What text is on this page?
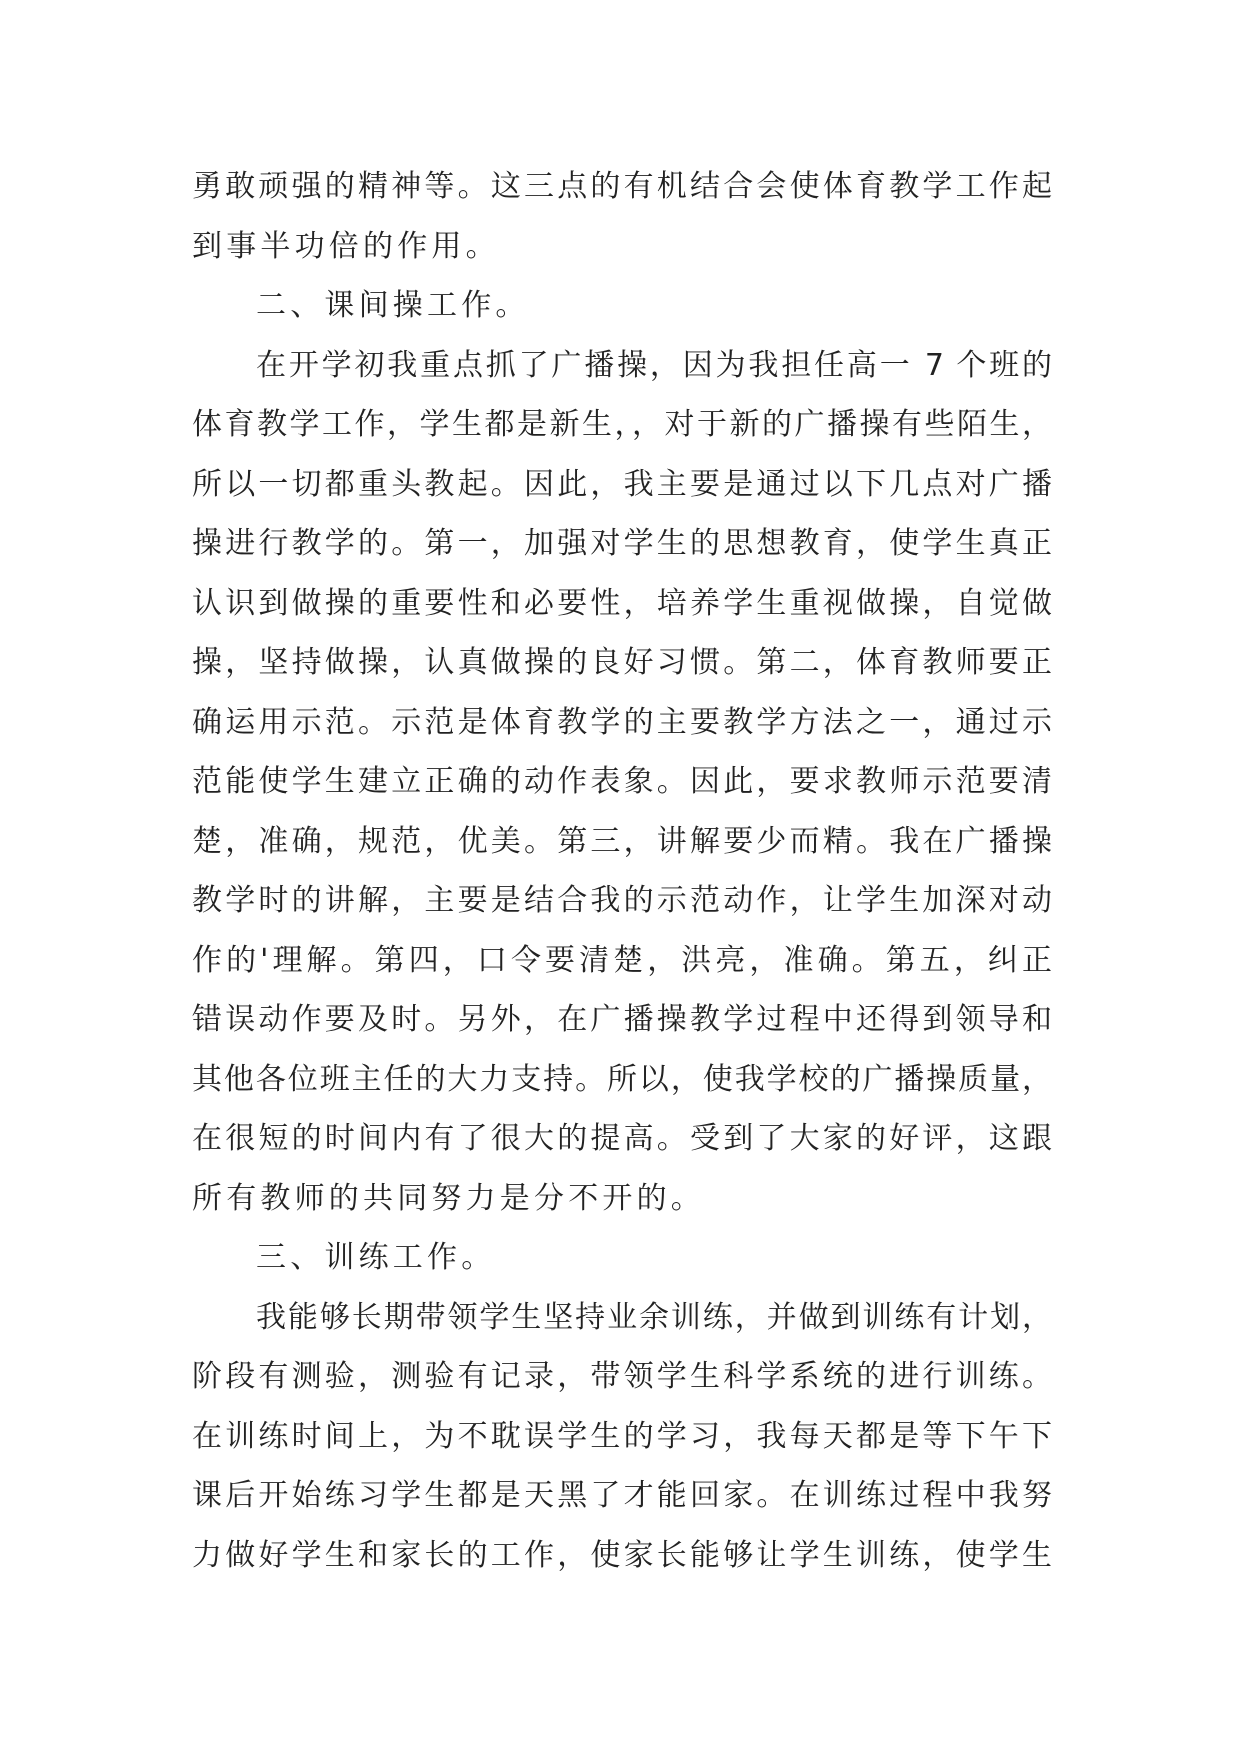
勇敢顽强的精神等。这三点的有机结合会使体育教学工作起
到事半功倍的作用。
二、课间操工作。
在开学初我重点抓了广播操，因为我担任高一 7 个班的
体育教学工作，学生都是新生，，对于新的广播操有些陌生，
所以一切都重头教起。因此，我主要是通过以下几点对广播
操进行教学的。第一，加强对学生的思想教育，使学生真正
认识到做操的重要性和必要性，培养学生重视做操，自觉做
操，坚持做操，认真做操的良好习惯。第二，体育教师要正
确运用示范。示范是体育教学的主要教学方法之一，通过示
范能使学生建立正确的动作表象。因此，要求教师示范要清
楚，准确，规范，优美。第三，讲解要少而精。我在广播操
教学时的讲解，主要是结合我的示范动作，让学生加深对动
作的'理解。第四，口令要清楚，洪亮，准确。第五，纠正
错误动作要及时。另外，在广播操教学过程中还得到领导和
其他各位班主任的大力支持。所以，使我学校的广播操质量，
在很短的时间内有了很大的提高。受到了大家的好评，这跟
所有教师的共同努力是分不开的。
三、训练工作。
我能够长期带领学生坚持业余训练，并做到训练有计划，
阶段有测验，测验有记录，带领学生科学系统的进行训练。
在训练时间上，为不耽误学生的学习，我每天都是等下午下
课后开始练习学生都是天黑了才能回家。在训练过程中我努
力做好学生和家长的工作，使家长能够让学生训练，使学生
